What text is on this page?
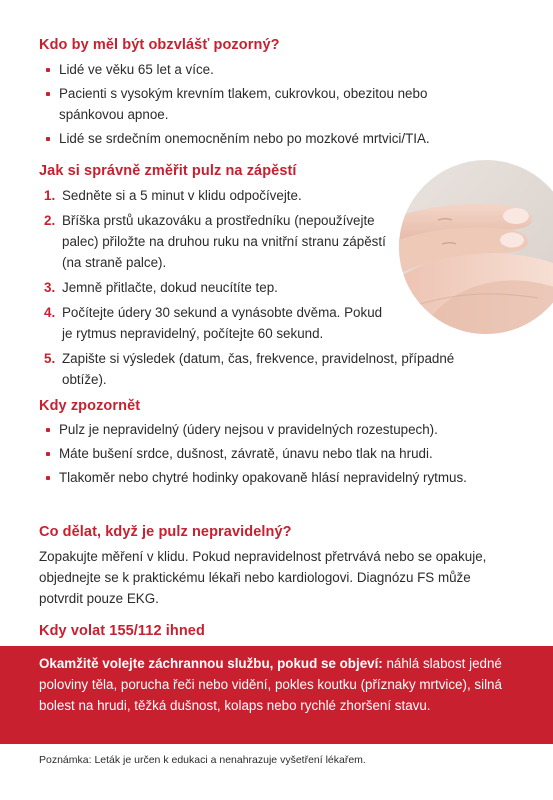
Kdo by měl být obzvlášť pozorný?
Lidé ve věku 65 let a více.
Pacienti s vysokým krevním tlakem, cukrovkou, obezitou nebo spánkovou apnoe.
Lidé se srdečním onemocněním nebo po mozkové mrtvici/TIA.
Jak si správně změřit pulz na zápěstí
1. Sedněte si a 5 minut v klidu odpočívejte.
2. Bříška prstů ukazováku a prostředníku (nepoužívejte palec) přiložte na druhou ruku na vnitřní stranu zápěstí (na straně palce).
3. Jemně přitlačte, dokud neucítíte tep.
4. Počítejte údery 30 sekund a vynásobte dvěma. Pokud je rytmus nepravidelný, počítejte 60 sekund.
5. Zapište si výsledek (datum, čas, frekvence, pravidelnost, případné obtíže).
Kdy zpozornět
Pulz je nepravidelný (údery nejsou v pravidelných rozestupech).
Máte bušení srdce, dušnost, závratě, únavu nebo tlak na hrudi.
Tlakoměr nebo chytré hodinky opakovaně hlásí nepravidelný rytmus.
Co dělat, když je pulz nepravidelný?

Zopakujte měření v klidu. Pokud nepravidelnost přetrvává nebo se opakuje, objednejte se k praktickému lékaři nebo kardiologovi. Diagnózu FS může potvrdit pouze EKG.

Kdy volat 155/112 ihned

Okamžitě volejte záchrannou službu, pokud se objeví: náhlá slabost jedné poloviny těla, porucha řeči nebo vidění, pokles koutku (příznaky mrtvice), silná bolest na hrudi, těžká dušnost, kolaps nebo rychlé zhoršení stavu.

Poznámka: Leták je určen k edukaci a nenahrazuje vyšetření lékařem.
